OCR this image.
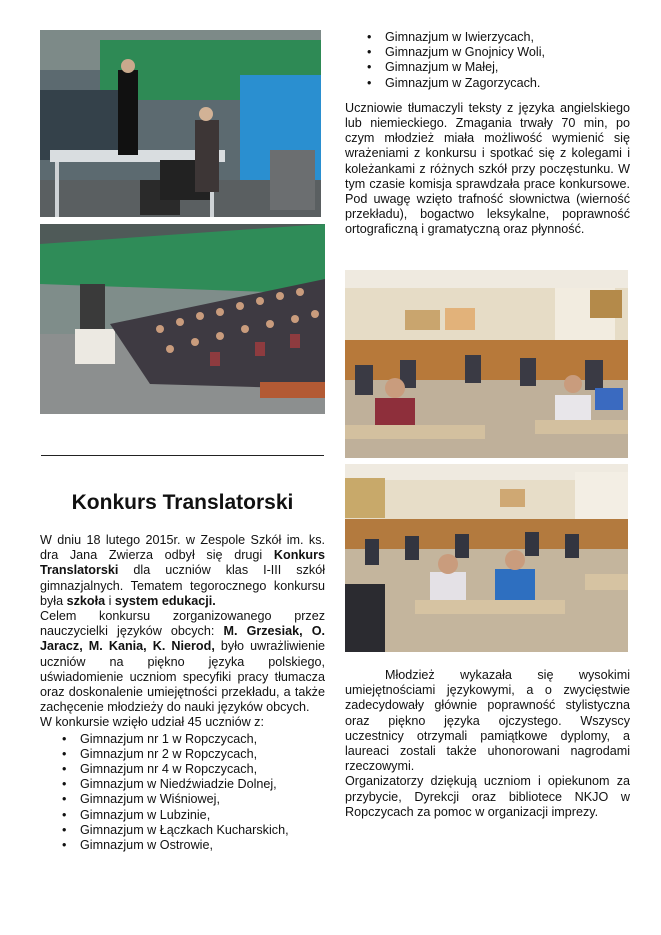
Konkurs Translatorski

W dniu 18 lutego 2015r. w Zespole Szkół im. ks. dra Jana Zwierza odbył się drugi Konkurs Translatorski dla uczniów klas I-III szkół gimnazjalnych. Tematem tegorocznego konkursu była szkoła i system edukacji.

Celem konkursu zorganizowanego przez nauczycielki języków obcych: M. Grzesiak, O. Jaracz, M. Kania, K. Nierod, było uwrażliwienie uczniów na piękno języka polskiego, uświadomienie uczniom specyfiki pracy tłumacza oraz doskonalenie umiejętności przekładu, a także zachęcenie młodzieży do nauki języków obcych.

W konkursie wzięło udział 45 uczniów z:

• Gimnazjum nr 1 w Ropczycach,
• Gimnazjum nr 2 w Ropczycach,
• Gimnazjum nr 4 w Ropczycach,
• Gimnazjum w Niedźwiadzie Dolnej,
• Gimnazjum w Wiśniowej,
• Gimnazjum w Lubzinie,
• Gimnazjum w Łączkach Kucharskich,
• Gimnazjum w Ostrowie,
• Gimnazjum w Iwierzycach,
• Gimnazjum w Gnojnicy Woli,
• Gimnazjum w Małej,
• Gimnazjum w Zagorzycach.

Uczniowie tłumaczyli teksty z języka angielskiego lub niemieckiego. Zmagania trwały 70 min, po czym młodzież miała możliwość wymienić się wrażeniami z konkursu i spotkać się z kolegami i koleżankami z różnych szkół przy poczęstunku. W tym czasie komisja sprawdzała prace konkursowe. Pod uwagę wzięto trafność słownictwa (wierność przekładu), bogactwo leksykalne, poprawność ortograficzną i gramatyczną oraz płynność.

Młodzież wykazała się wysokimi umiejętnościami językowymi, a o zwycięstwie zadecydowały głównie poprawność stylistyczna oraz piękno języka ojczystego. Wszyscy uczestnicy otrzymali pamiątkowe dyplomy, a laureaci zostali także uhonorowani nagrodami rzeczowymi.

Organizatorzy dziękują uczniom i opiekunom za przybycie, Dyrekcji oraz bibliotece NKJO w Ropczycach za pomoc w organizacji imprezy.
